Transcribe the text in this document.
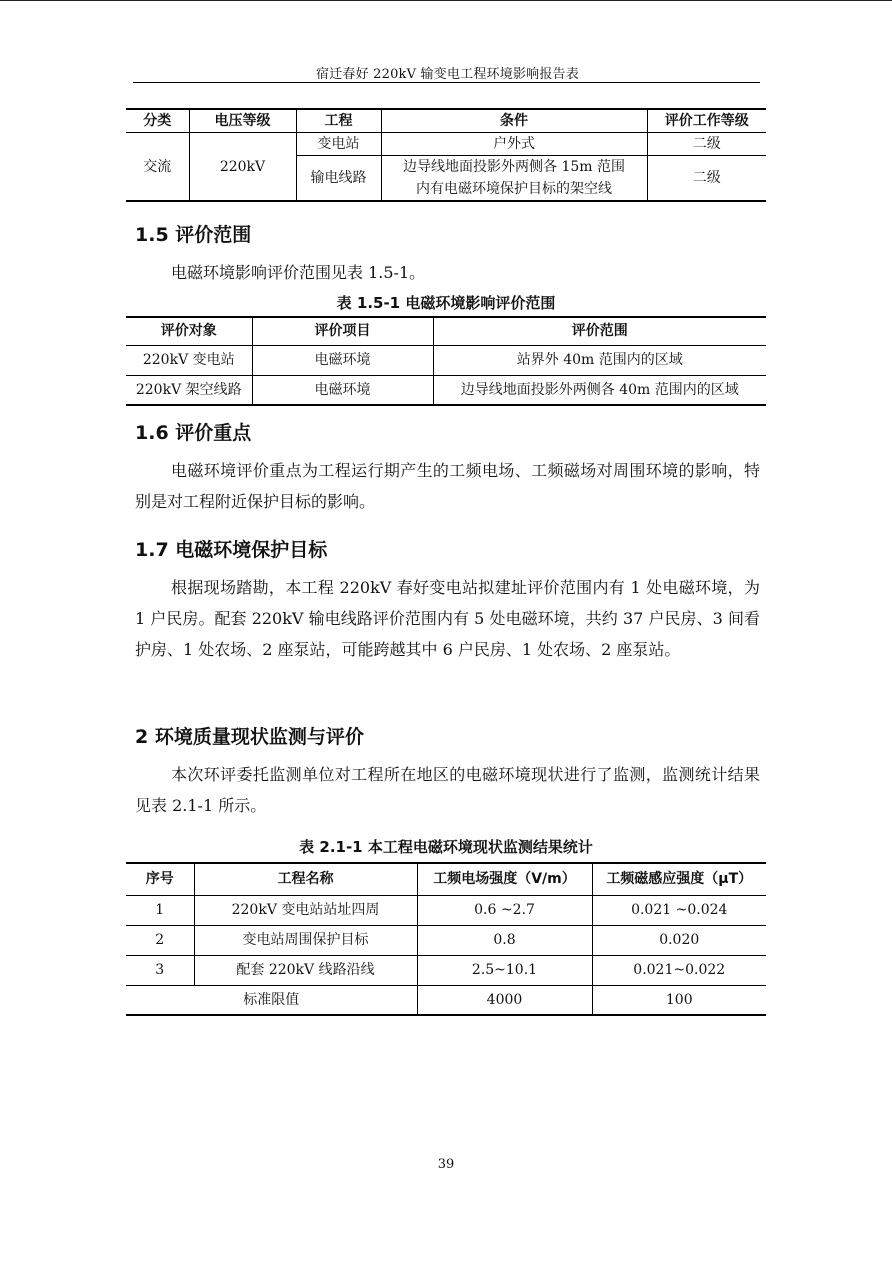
宿迁春好 220kV 输变电工程环境影响报告表
分类	电压等级	工程	条件	评价工作等级
交流	220kV	变电站	户外式	二级
		输电线路	边导线地面投影外两侧各 15m 范围
内有电磁环境保护目标的架空线	二级
1.5 评价范围
电磁环境影响评价范围见表 1.5-1。
表 1.5-1 电磁环境影响评价范围
评价对象	评价项目	评价范围
220kV 变电站	电磁环境	站界外 40m 范围内的区域
220kV 架空线路	电磁环境	边导线地面投影外两侧各 40m 范围内的区域
1.6 评价重点
电磁环境评价重点为工程运行期产生的工频电场、工频磁场对周围环境的影响，特别是对工程附近保护目标的影响。
1.7 电磁环境保护目标
根据现场踏勘，本工程 220kV 春好变电站拟建址评价范围内有 1 处电磁环境，为 1 户民房。配套 220kV 输电线路评价范围内有 5 处电磁环境，共约 37 户民房、3 间看护房、1 处农场、2 座泵站，可能跨越其中 6 户民房、1 处农场、2 座泵站。
2 环境质量现状监测与评价
本次环评委托监测单位对工程所在地区的电磁环境现状进行了监测，监测统计结果见表 2.1-1 所示。
表 2.1-1 本工程电磁环境现状监测结果统计
序号	工程名称	工频电场强度（V/m）	工频磁感应强度（μT）
1	220kV 变电站站址四周	0.6 ~2.7	0.021 ~0.024
2	变电站周围保护目标	0.8	0.020
3	配套 220kV 线路沿线	2.5~10.1	0.021~0.022
标准限值		4000	100
39
